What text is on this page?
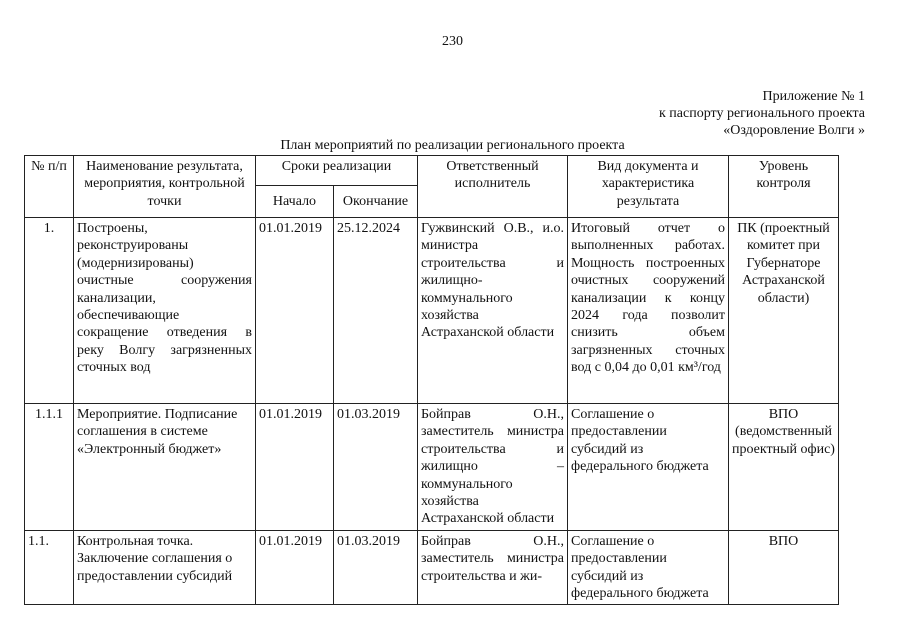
230
Приложение № 1
к паспорту регионального проекта
«Оздоровление Волги »
План мероприятий по реализации регионального проекта
№ п/п	Наименование результата, мероприятия, контрольной точки	Сроки реализации		Ответственный исполнитель	Вид документа и характеристика результата	Уровень контроля
		Начало	Окончание			
1.	Построены, реконструированы (модернизированы) очистные сооружения канализации, обеспечивающие сокращение отведения в реку Волгу загрязненных сточных вод	01.01.2019	25.12.2024	Гужвинский О.В., и.о. министра строительства и жилищно-коммунального хозяйства Астраханской области	Итоговый отчет о выполненных работах. Мощность построенных очистных сооружений канализации к концу 2024 года позволит снизить объем загрязненных сточных вод с 0,04 до 0,01 км³/год	ПК (проектный комитет при Губернаторе Астраханской области)
1.1.1	Мероприятие. Подписание соглашения в системе «Электронный бюджет»	01.01.2019	01.03.2019	Бойправ О.Н., заместитель министра строительства и жилищно – коммунального хозяйства Астраханской области	Соглашение о предоставлении субсидий из федерального бюджета	ВПО (ведомственный проектный офис)
1.1.	Контрольная точка. Заключение соглашения о предоставлении субсидий	01.01.2019	01.03.2019	Бойправ О.Н., заместитель министра строительства и жи-	Соглашение о предоставлении субсидий из федерального бюджета	ВПО
